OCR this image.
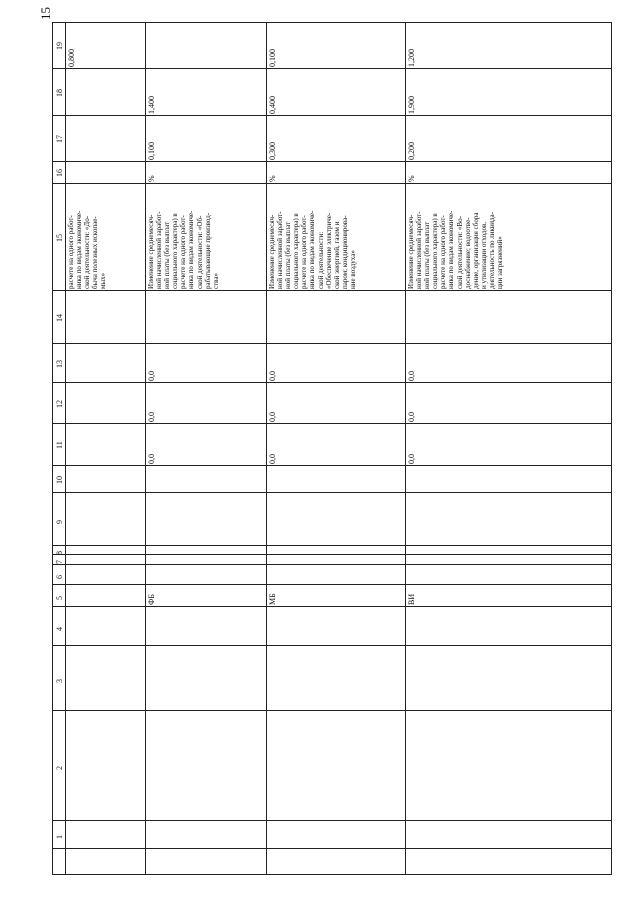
15
19
18
17
16
15
14
13
12
11
10
9
8
7
6
5
4
3
2
1
0,800
расчете на одного работ- ника по видам экономиче- ской деятельности: «До- быча полезных ископае- мых»
1,400
0,100
%
0,0
0,0
0,0
ФБ
Изменение среднемесяч- ной начисленной заработ- ной платы (без выплат социального характера) в расчете на одного работ- ника по видам экономиче- ской деятельности: «Об- рабатывающие производ- ства»
0,100
0,400
0,300
%
0,0
0,0
0,0
МБ
Изменение среднемесяч- ной начисленной заработ- ной платы (без выплат социального характера) в расчете на одного работ- ника по видам экономиче- ской деятельности: «Обеспечение электриче- ской энергией, газом и паром; кондиционирова- ние воздуха»
1,200
1,900
0,200
%
0,0
0,0
0,0
ВИ
Изменение среднемесяч- ной начисленной заработ- ной платы (без выплат социального характера) в расчете на одного работ- ника по видам экономиче- ской деятельности: «Во- доснабжение; водоотве- дение, организация сбора и утилизации отходов, деятельность по ликвида- ции загрязнений»
